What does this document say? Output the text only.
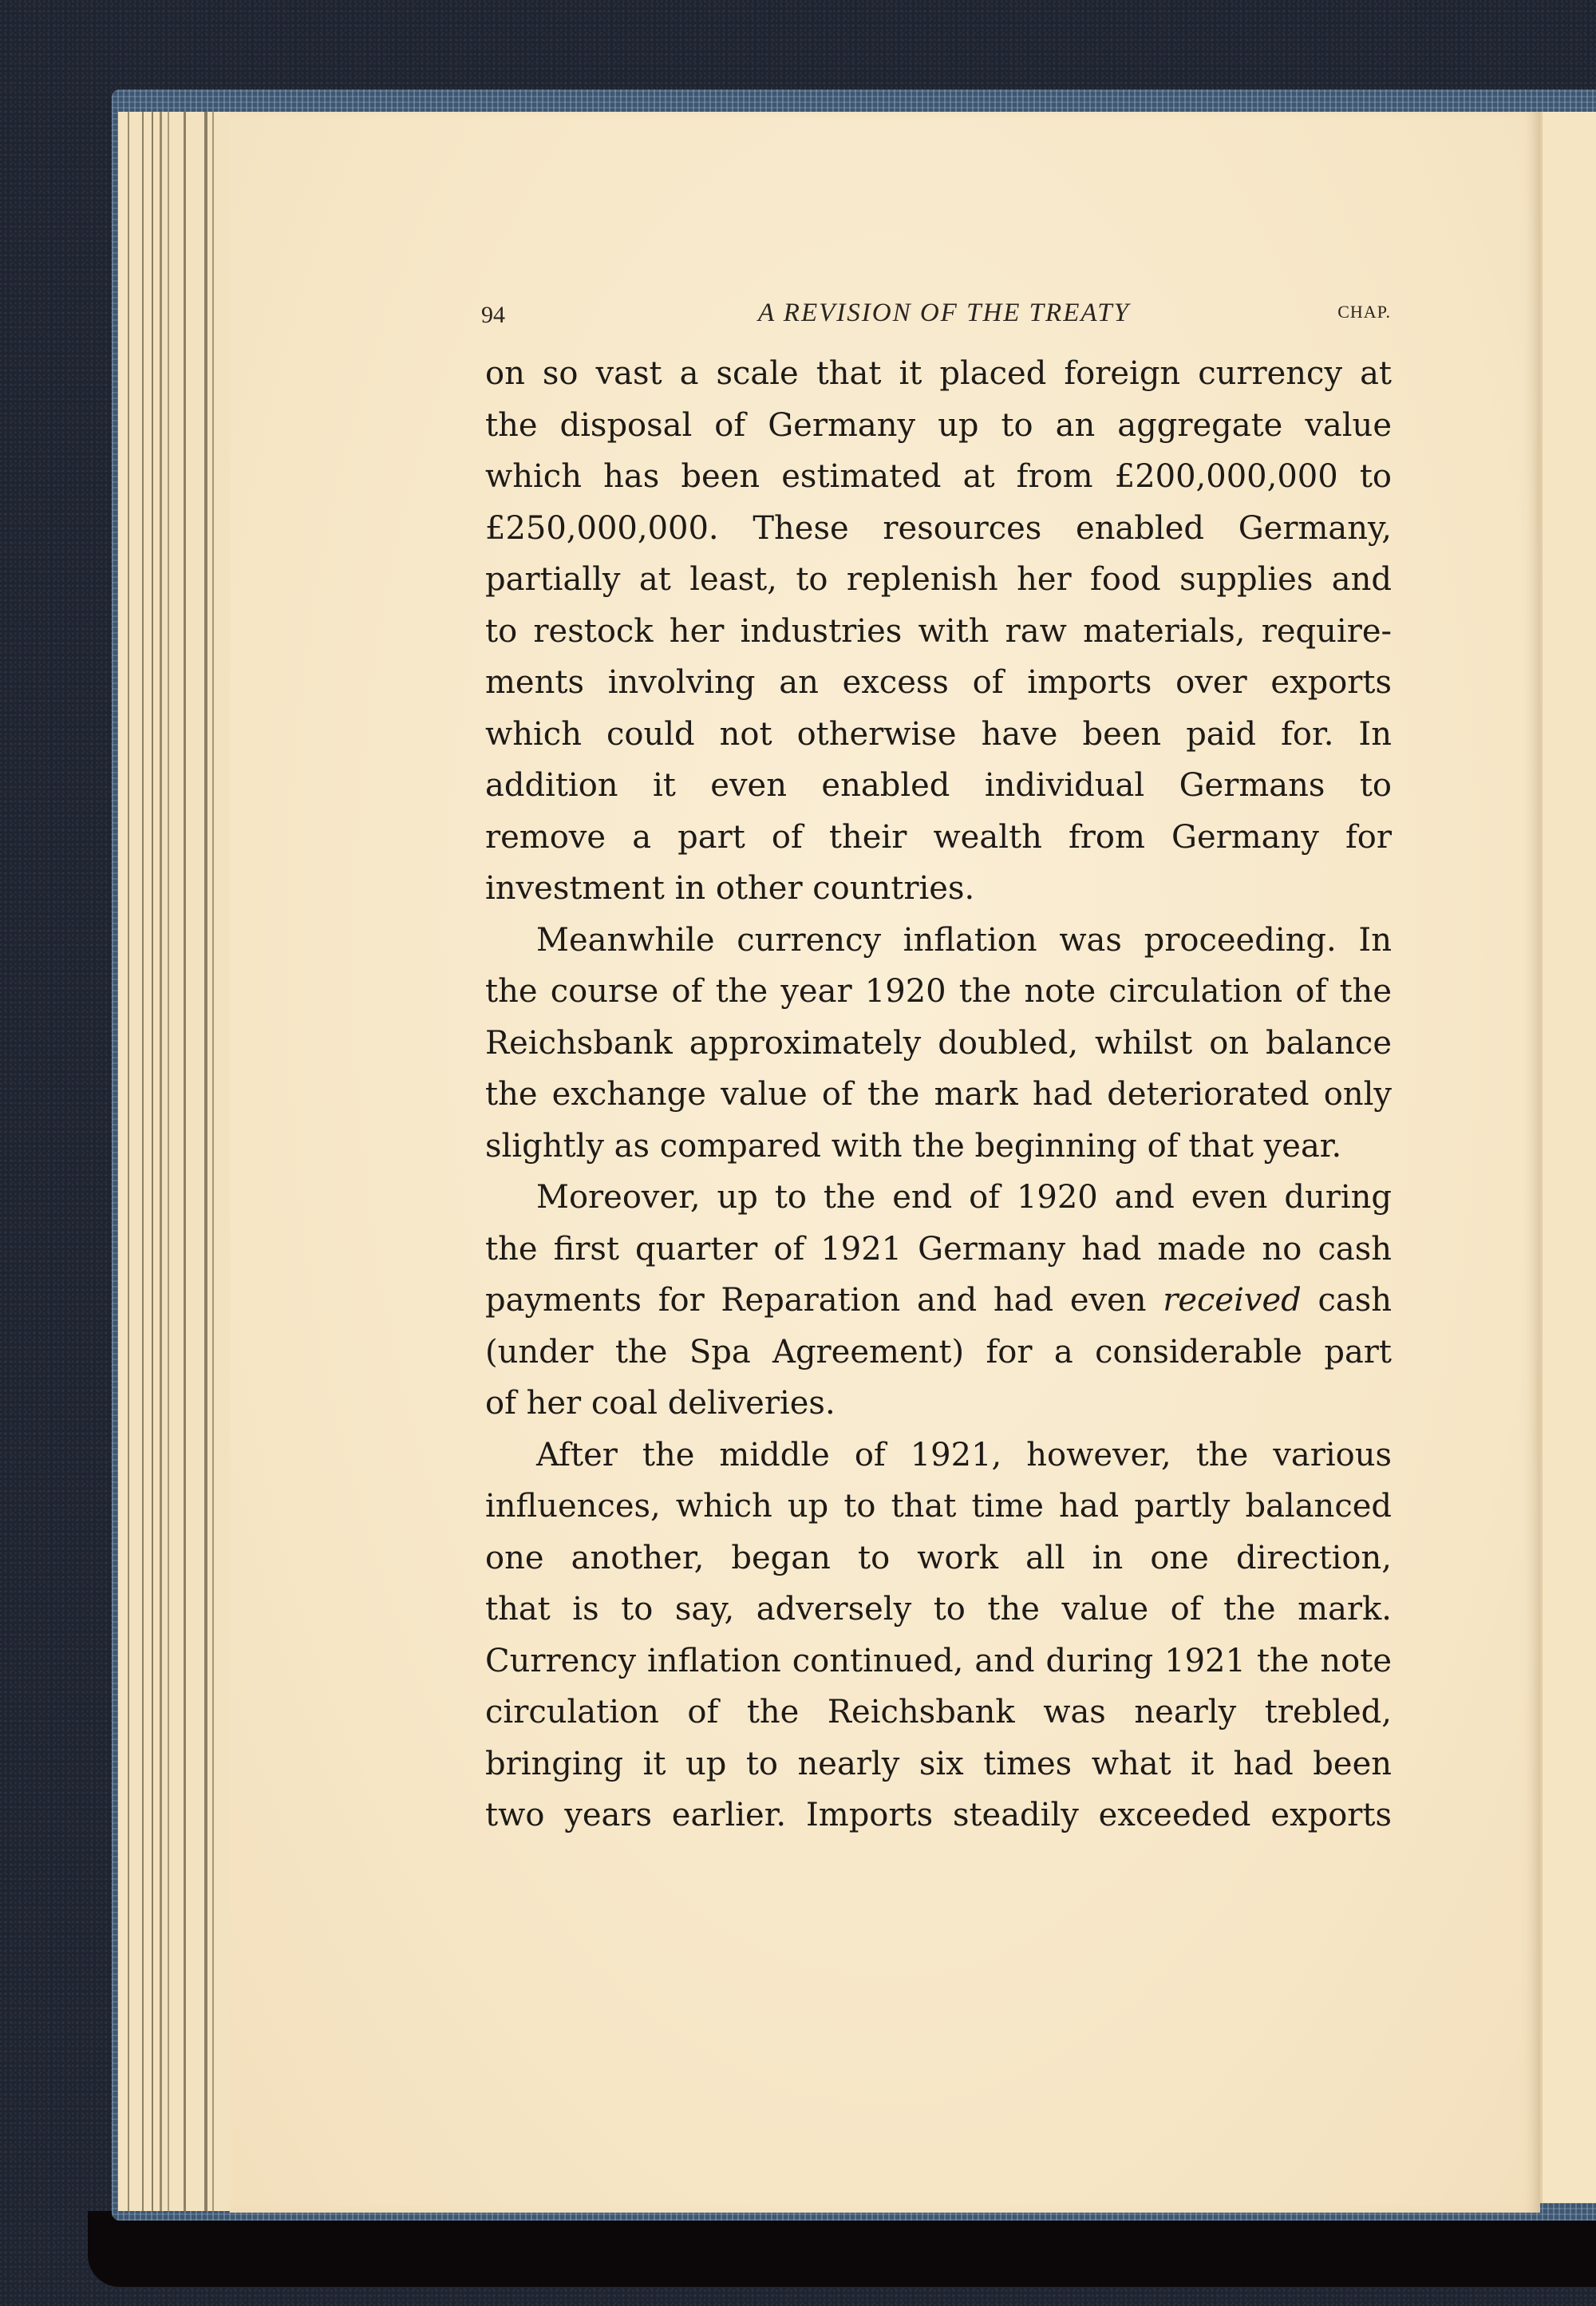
94	A REVISION OF THE TREATY	CHAP.
on so vast a scale that it placed foreign currency at
the disposal of Germany up to an aggregate value
which has been estimated at from £200,000,000 to
£250,000,000. These resources enabled Germany,
partially at least, to replenish her food supplies and
to restock her industries with raw materials, require-
ments involving an excess of imports over exports
which could not otherwise have been paid for. In
addition it even enabled individual Germans to
remove a part of their wealth from Germany for
investment in other countries.
Meanwhile currency inflation was proceeding. In
the course of the year 1920 the note circulation of the
Reichsbank approximately doubled, whilst on balance
the exchange value of the mark had deteriorated only
slightly as compared with the beginning of that year.
Moreover, up to the end of 1920 and even during
the first quarter of 1921 Germany had made no cash
payments for Reparation and had even received cash
(under the Spa Agreement) for a considerable part
of her coal deliveries.
After the middle of 1921, however, the various
influences, which up to that time had partly balanced
one another, began to work all in one direction,
that is to say, adversely to the value of the mark.
Currency inflation continued, and during 1921 the note
circulation of the Reichsbank was nearly trebled,
bringing it up to nearly six times what it had been
two years earlier. Imports steadily exceeded exports
